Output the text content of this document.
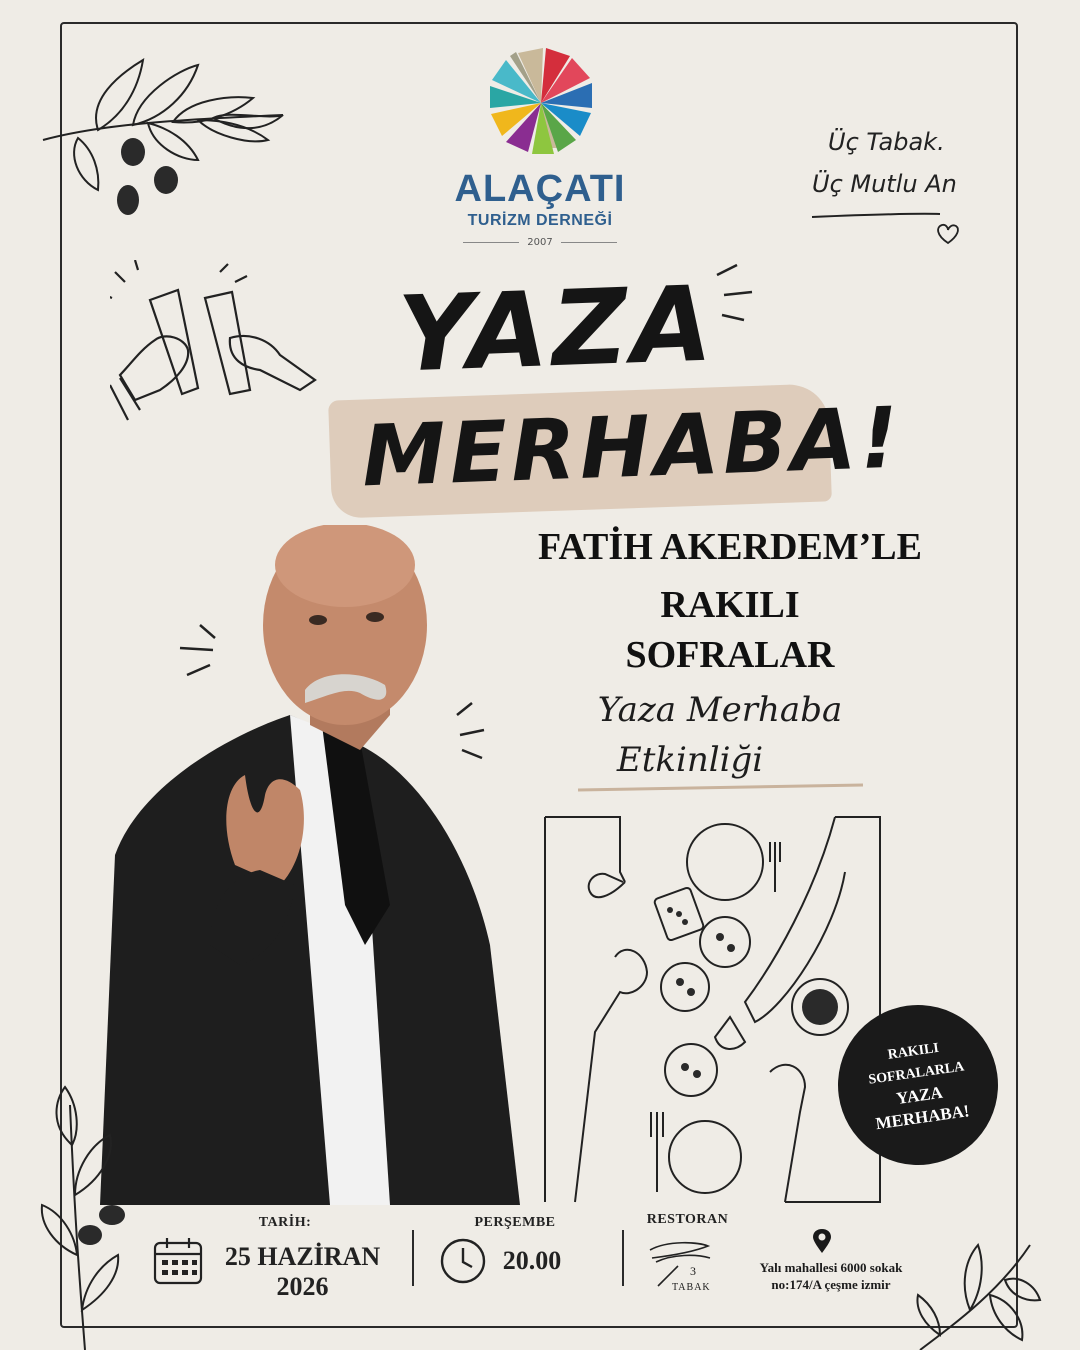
ALAÇATI
TURİZM DERNEĞİ
2007
Üç Tabak.
Üç Mutlu An
YAZA
MERHABA!
FATİH AKERDEM’LE
RAKILI
SOFRALAR
Yaza Merhaba
Etkinliği
RAKILI
SOFRALARLA
YAZA
MERHABA!
TARİH:
25 HAZİRAN
2026
PERŞEMBE
20.00
RESTORAN
3
TABAK
Yalı mahallesi 6000 sokak
no:174/A çeşme izmir
